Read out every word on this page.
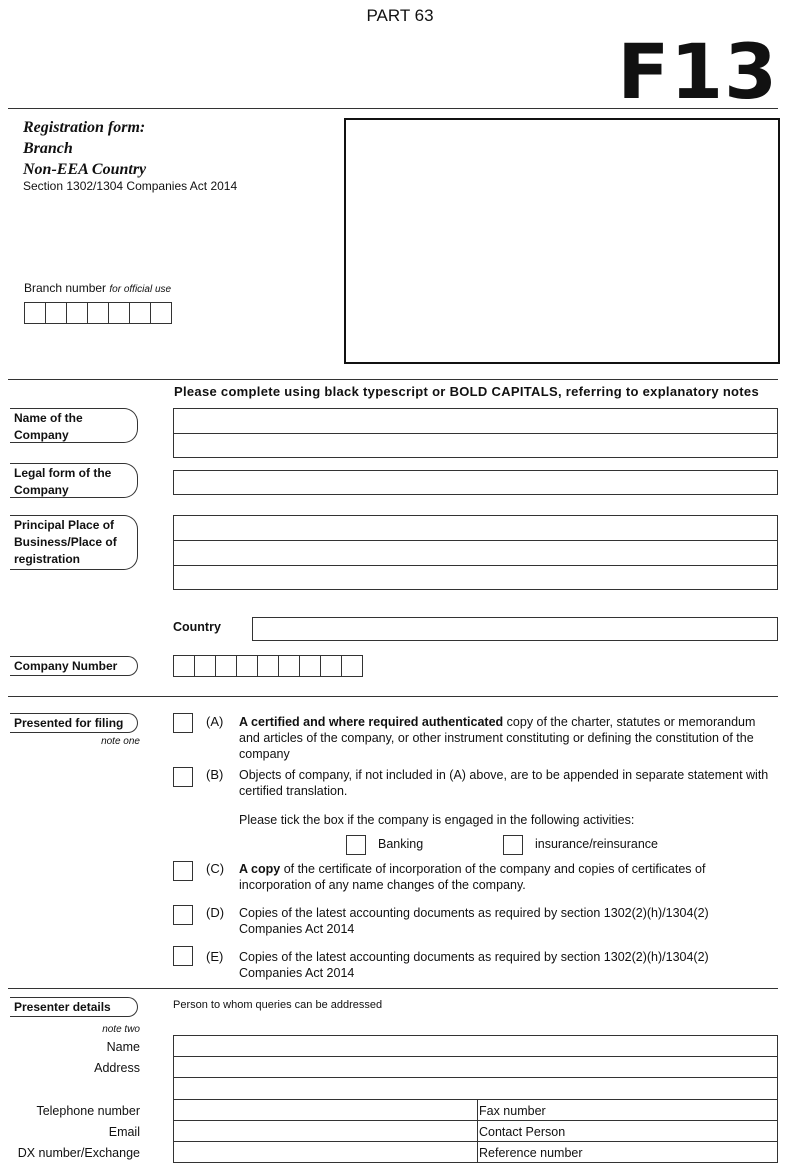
PART 63
F13
Registration form:
Branch
Non-EEA Country
Section 1302/1304 Companies Act 2014
Branch number for official use
Please complete using black typescript or BOLD CAPITALS, referring to explanatory notes
Name of the Company
Legal form of the Company
Principal Place of Business/Place of registration
Country
Company Number
Presented for filing
note one
(A) A certified and where required authenticated copy of the charter, statutes or memorandum and articles of the company, or other instrument constituting or defining the constitution of the company
(B) Objects of company, if not included in (A) above, are to be appended in separate statement with certified translation.
Please tick the box if the company is engaged in the following activities:
Banking	insurance/reinsurance
(C) A copy of the certificate of incorporation of the company and copies of certificates of incorporation of any name changes of the company.
(D) Copies of the latest accounting documents as required by section 1302(2)(h)/1304(2) Companies Act 2014
(E) Copies of the latest accounting documents as required by section 1302(2)(h)/1304(2) Companies Act 2014
Presenter details	Person to whom queries can be addressed
note two
Name
Address
Telephone number
Email
DX number/Exchange
Fax number
Contact Person
Reference number
